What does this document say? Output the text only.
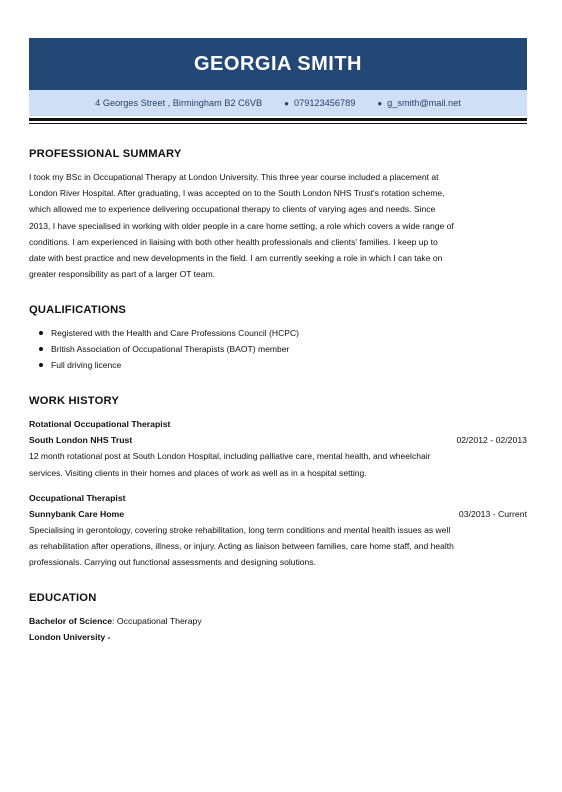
GEORGIA SMITH
4 Georges Street , Birmingham B2 C6VB	● 07912345678​9	● g_smith@mail.net
PROFESSIONAL SUMMARY
I took my BSc in Occupational Therapy at London University. This three year course included a placement at
London River Hospital. After graduating, I was accepted on to the South London NHS Trust's rotation scheme,
which allowed me to experience delivering occupational therapy to clients of varying ages and needs. Since
2013, I have specialised in working with older people in a care home setting, a role which covers a wide range of
conditions. I am experienced in liaising with both other health professionals and clients' families. I keep up to
date with best practice and new developments in the field. I am currently seeking a role in which I can take on
greater responsibility as part of a larger OT team.
QUALIFICATIONS
Registered with the Health and Care Professions Council (HCPC)
British Association of Occupational Therapists (BAOT) member
Full driving licence
WORK HISTORY
Rotational Occupational Therapist
South London NHS Trust	02/2012 - 02/2013
12 month rotational post at South London Hospital, including palliative care, mental health, and wheelchair
services. Visiting clients in their homes and places of work as well as in a hospital setting.
Occupational Therapist
Sunnybank Care Home	03/2013 - Current
Specialising in gerontology, covering stroke rehabilitation, long term conditions and mental health issues as well
as rehabilitation after operations, illness, or injury. Acting as liaison between families, care home staff, and health
professionals. Carrying out functional assessments and designing solutions.
EDUCATION
Bachelor of Science: Occupational Therapy
London University -
